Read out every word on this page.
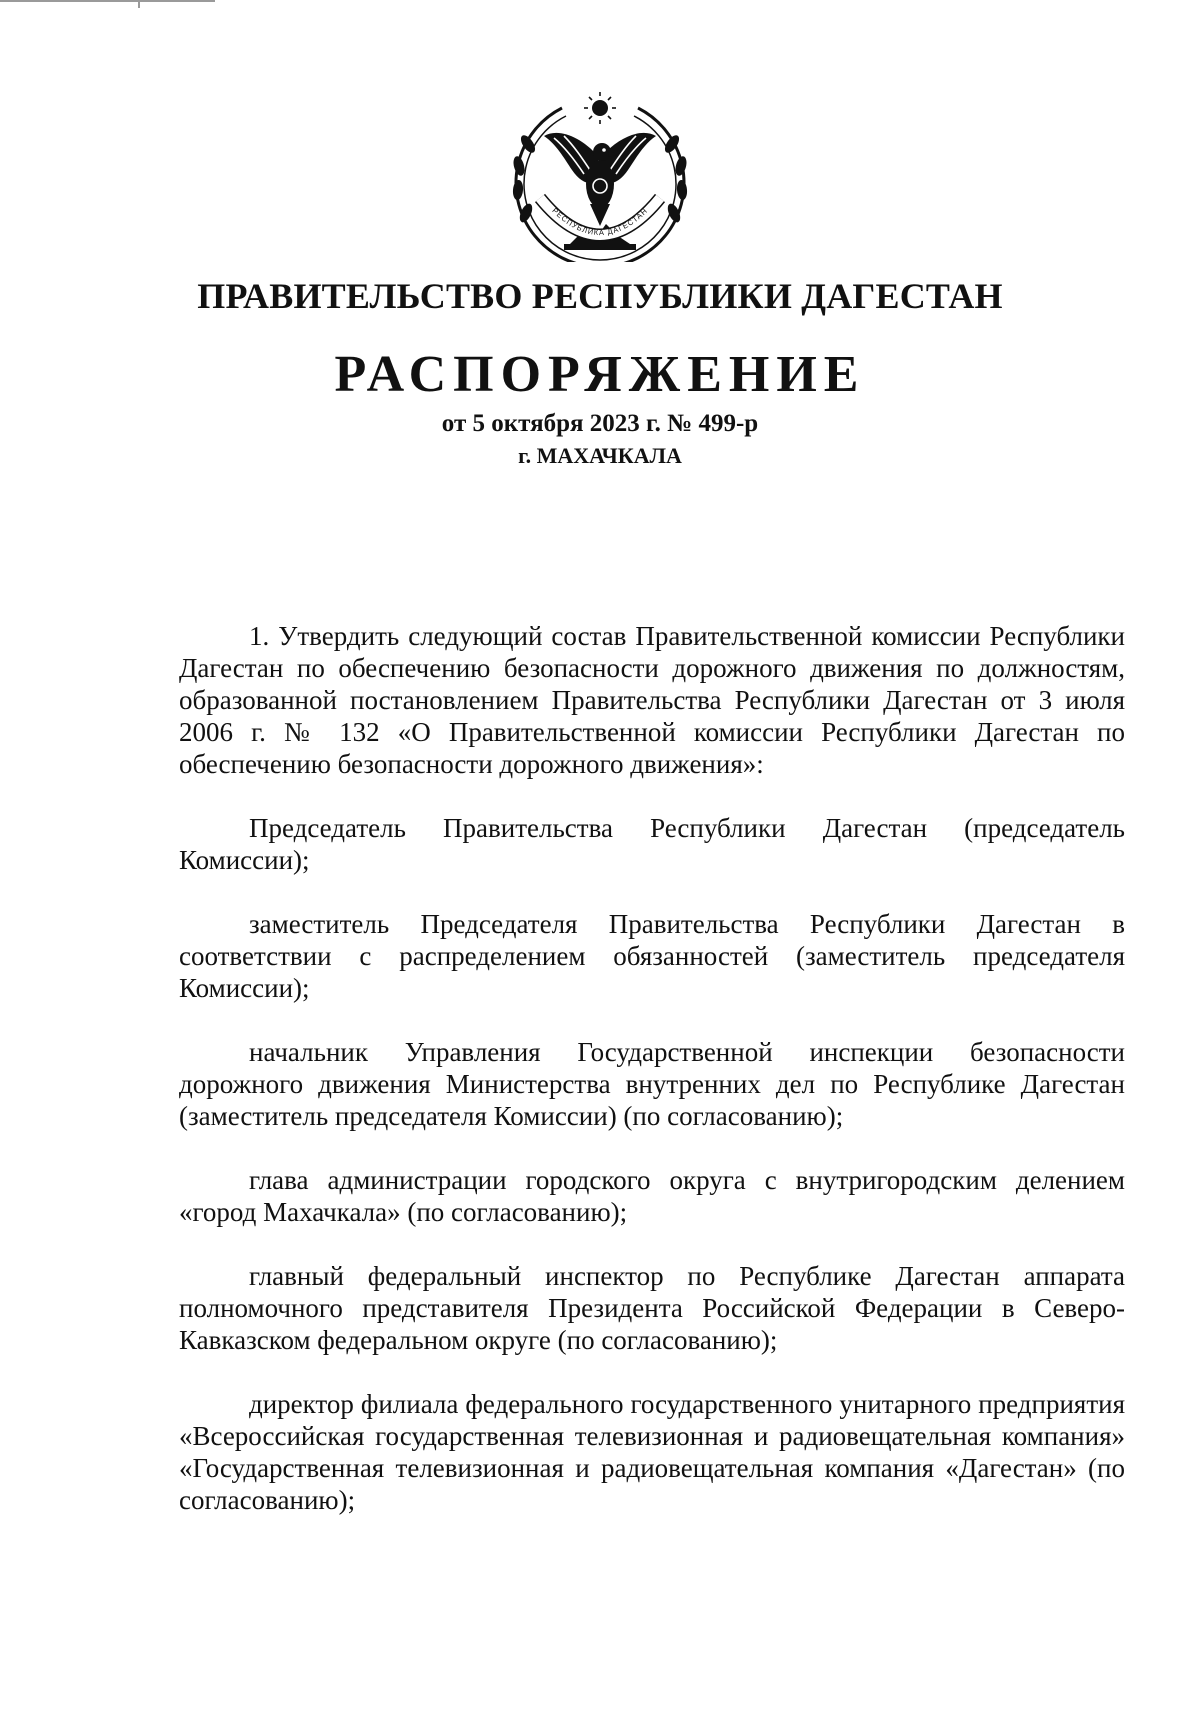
РЕСПУБЛИКА ДАГЕСТАН
ПРАВИТЕЛЬСТВО РЕСПУБЛИКИ ДАГЕСТАН
РАСПОРЯЖЕНИЕ
от 5 октября 2023 г. № 499-р
г. МАХАЧКАЛА

1. Утвердить следующий состав Правительственной комиссии Республики Дагестан по обеспечению безопасности дорожного движения по должностям, образованной постановлением Правительства Республики Дагестан от 3 июля 2006 г. № 132 «О Правительственной комиссии Республики Дагестан по обеспечению безопасности дорожного движения»:

Председатель Правительства Республики Дагестан (председатель Комиссии);

заместитель Председателя Правительства Республики Дагестан в соответствии с распределением обязанностей (заместитель председателя Комиссии);

начальник Управления Государственной инспекции безопасности дорожного движения Министерства внутренних дел по Республике Дагестан (заместитель председателя Комиссии) (по согласованию);

глава администрации городского округа с внутригородским делением «город Махачкала» (по согласованию);

главный федеральный инспектор по Республике Дагестан аппарата полномочного представителя Президента Российской Федерации в Северо-Кавказском федеральном округе (по согласованию);

директор филиала федерального государственного унитарного предприятия «Всероссийская государственная телевизионная и радиовещательная компания» «Государственная телевизионная и радиовещательная компания «Дагестан» (по согласованию);
